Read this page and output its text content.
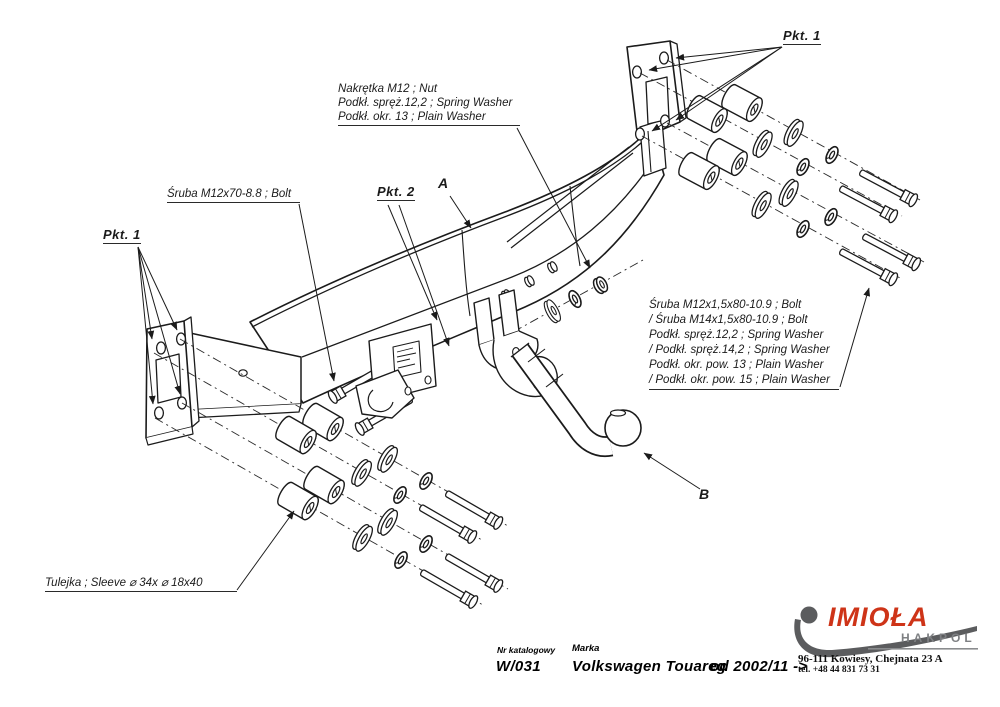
Pkt. 1
Pkt. 1
Pkt. 2
A
B
Nakrętka M12 ; Nut
Podkł. spręż.12,2 ; Spring Washer
Podkł. okr. 13 ; Plain Washer
Śruba M12x70-8.8 ; Bolt
Śruba M12x1,5x80-10.9 ; Bolt
/ Śruba M14x1,5x80-10.9 ; Bolt
Podkł. spręż.12,2 ; Spring Washer
/ Podkł. spręż.14,2 ; Spring Washer
Podkł. okr. pow. 13 ; Plain Washer
/ Podkł. okr. pow. 15 ; Plain Washer
Tulejka ; Sleeve ⌀ 34x ⌀ 18x40
Nr katalogowy
W/031
Marka
Volkswagen Touareg
od 2002/11 ->
IMIOŁA
HAKPOL
96-111 Kowiesy, Chejnata 23 A
tel. +48 44 831 73 31
